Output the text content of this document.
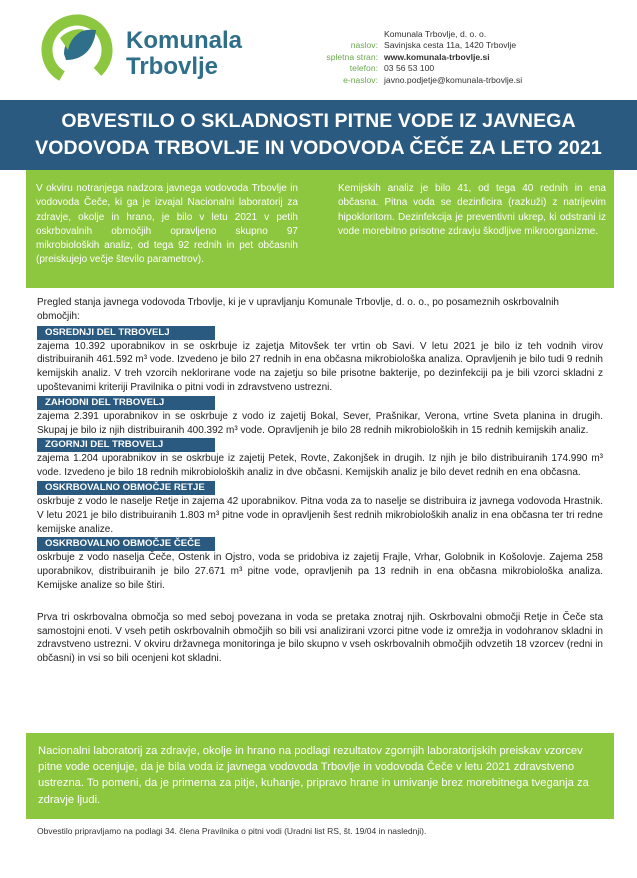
Komunala
Trbovlje
Komunala Trbovlje, d. o. o.
naslov: Savinjska cesta 11a, 1420 Trbovlje
spletna stran: www.komunala-trbovlje.si
telefon: 03 56 53 100
e-naslov: javno.podjetje@komunala-trbovlje.si
OBVESTILO O SKLADNOSTI PITNE VODE IZ JAVNEGA
VODOVODA TRBOVLJE IN VODOVODA ČEČE ZA LETO 2021
V okviru notranjega nadzora javnega vodovoda Trbovlje in vodovoda Čeče, ki ga je izvajal Nacionalni laboratorij za zdravje, okolje in hrano, je bilo v letu 2021 v petih oskrbovalnih območjih opravljeno skupno 97 mikrobioloških analiz, od tega 92 rednih in pet občasnih (preiskujejo večje število parametrov).
Kemijskih analiz je bilo 41, od tega 40 rednih in ena občasna. Pitna voda se dezinficira (razkuži) z natrijevim hipokloritom. Dezinfekcija je preventivni ukrep, ki odstrani iz vode morebitno prisotne zdravju škodljive mikroorganizme.
Pregled stanja javnega vodovoda Trbovlje, ki je v upravljanju Komunale Trbovlje, d. o. o., po posameznih oskrbovalnih območjih:
OSREDNJI DEL TRBOVELJ
zajema 10.392 uporabnikov in se oskrbuje iz zajetja Mitovšek ter vrtin ob Savi. V letu 2021 je bilo iz teh vodnih virov distribuiranih 461.592 m³ vode. Izvedeno je bilo 27 rednih in ena občasna mikrobiološka analiza. Opravljenih je bilo tudi 9 rednih kemijskih analiz. V treh vzorcih neklorirane vode na zajetju so bile prisotne bakterije, po dezinfekciji pa je bili vzorci skladni z upoštevanimi kriteriji Pravilnika o pitni vodi in zdravstveno ustrezni.
ZAHODNI DEL TRBOVELJ
zajema 2.391 uporabnikov in se oskrbuje z vodo iz zajetij Bokal, Sever, Prašnikar, Verona, vrtine Sveta planina in drugih. Skupaj je bilo iz njih distribuiranih 400.392 m³ vode. Opravljenih je bilo 28 rednih mikrobioloških in 15 rednih kemijskih analiz.
ZGORNJI DEL TRBOVELJ
zajema 1.204 uporabnikov in se oskrbuje iz zajetij Petek, Rovte, Zakonjšek in drugih. Iz njih je bilo distribuiranih 174.990 m³ vode. Izvedeno je bilo 18 rednih mikrobioloških analiz in dve občasni. Kemijskih analiz je bilo devet rednih en ena občasna.
OSKRBOVALNO OBMOČJE RETJE
oskrbuje z vodo le naselje Retje in zajema 42 uporabnikov. Pitna voda za to naselje se distribuira iz javnega vodovoda Hrastnik. V letu 2021 je bilo distribuiranih 1.803 m³ pitne vode in opravljenih šest rednih mikrobioloških analiz in ena občasna ter tri redne kemijske analize.
OSKRBOVALNO OBMOČJE ČEČE
oskrbuje z vodo naselja Čeče, Ostenk in Ojstro, voda se pridobiva iz zajetij Frajle, Vrhar, Golobnik in Košolovje. Zajema 258 uporabnikov, distribuiranih je bilo 27.671 m³ pitne vode, opravljenih pa 13 rednih in ena občasna mikrobiološka analiza. Kemijske analize so bile štiri.
Prva tri oskrbovalna območja so med seboj povezana in voda se pretaka znotraj njih. Oskrbovalni območji Retje in Čeče sta samostojni enoti. V vseh petih oskrbovalnih območjih so bili vsi analizirani vzorci pitne vode iz omrežja in vodohranov skladni in zdravstveno ustrezni. V okviru državnega monitoringa je bilo skupno v vseh oskrbovalnih območjih odvzetih 18 vzorcev (redni in občasni) in vsi so bili ocenjeni kot skladni.
Nacionalni laboratorij za zdravje, okolje in hrano na podlagi rezultatov zgornjih laboratorijskih preiskav vzorcev pitne vode ocenjuje, da je bila voda iz javnega vodovoda Trbovlje in vodovoda Čeče v letu 2021 zdravstveno ustrezna. To pomeni, da je primerna za pitje, kuhanje, pripravo hrane in umivanje brez morebitnega tveganja za zdravje ljudi.
Obvestilo pripravljamo na podlagi 34. člena Pravilnika o pitni vodi (Uradni list RS, št. 19/04 in naslednji).
